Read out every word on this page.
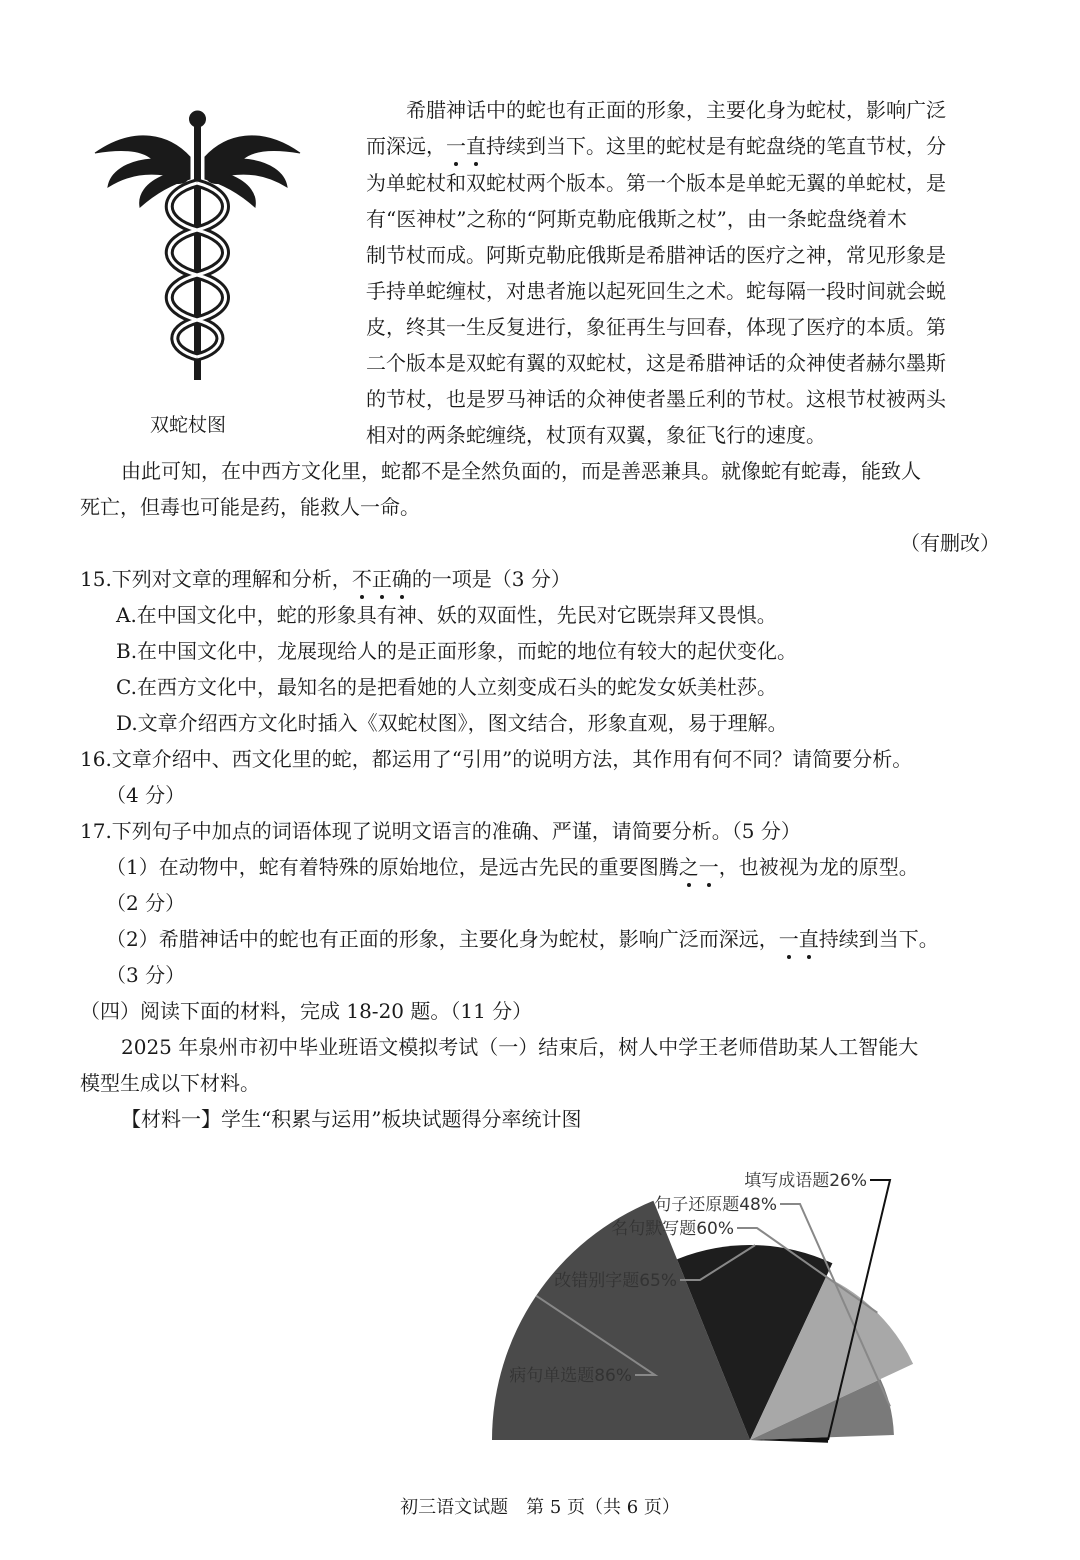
双蛇杖图
希腊神话中的蛇也有正面的形象，主要化身为蛇杖，影响广泛
而深远，一直持续到当下。这里的蛇杖是有蛇盘绕的笔直节杖，分
为单蛇杖和双蛇杖两个版本。第一个版本是单蛇无翼的单蛇杖，是
有“医神杖”之称的“阿斯克勒庇俄斯之杖”，由一条蛇盘绕着木
制节杖而成。阿斯克勒庇俄斯是希腊神话的医疗之神，常见形象是
手持单蛇缠杖，对患者施以起死回生之术。蛇每隔一段时间就会蜕
皮，终其一生反复进行，象征再生与回春，体现了医疗的本质。第
二个版本是双蛇有翼的双蛇杖，这是希腊神话的众神使者赫尔墨斯
的节杖，也是罗马神话的众神使者墨丘利的节杖。这根节杖被两头
相对的两条蛇缠绕，杖顶有双翼，象征飞行的速度。
由此可知，在中西方文化里，蛇都不是全然负面的，而是善恶兼具。就像蛇有蛇毒，能致人
死亡，但毒也可能是药，能救人一命。
（有删改）
15.下列对文章的理解和分析，不正确的一项是（3 分）
A.在中国文化中，蛇的形象具有神、妖的双面性，先民对它既崇拜又畏惧。
B.在中国文化中，龙展现给人的是正面形象，而蛇的地位有较大的起伏变化。
C.在西方文化中，最知名的是把看她的人立刻变成石头的蛇发女妖美杜莎。
D.文章介绍西方文化时插入《双蛇杖图》，图文结合，形象直观，易于理解。
16.文章介绍中、西文化里的蛇，都运用了“引用”的说明方法，其作用有何不同？请简要分析。
（4 分）
17.下列句子中加点的词语体现了说明文语言的准确、严谨，请简要分析。（5 分）
（1）在动物中，蛇有着特殊的原始地位，是远古先民的重要图腾之一，也被视为龙的原型。
（2 分）
（2）希腊神话中的蛇也有正面的形象，主要化身为蛇杖，影响广泛而深远，一直持续到当下。
（3 分）
（四）阅读下面的材料，完成 18-20 题。（11 分）
2025 年泉州市初中毕业班语文模拟考试（一）结束后，树人中学王老师借助某人工智能大
模型生成以下材料。
【材料一】学生“积累与运用”板块试题得分率统计图
病句单选题86%
改错别字题65%
名句默写题60%
句子还原题48%
填写成语题26%
初三语文试题　第 5 页（共 6 页）
